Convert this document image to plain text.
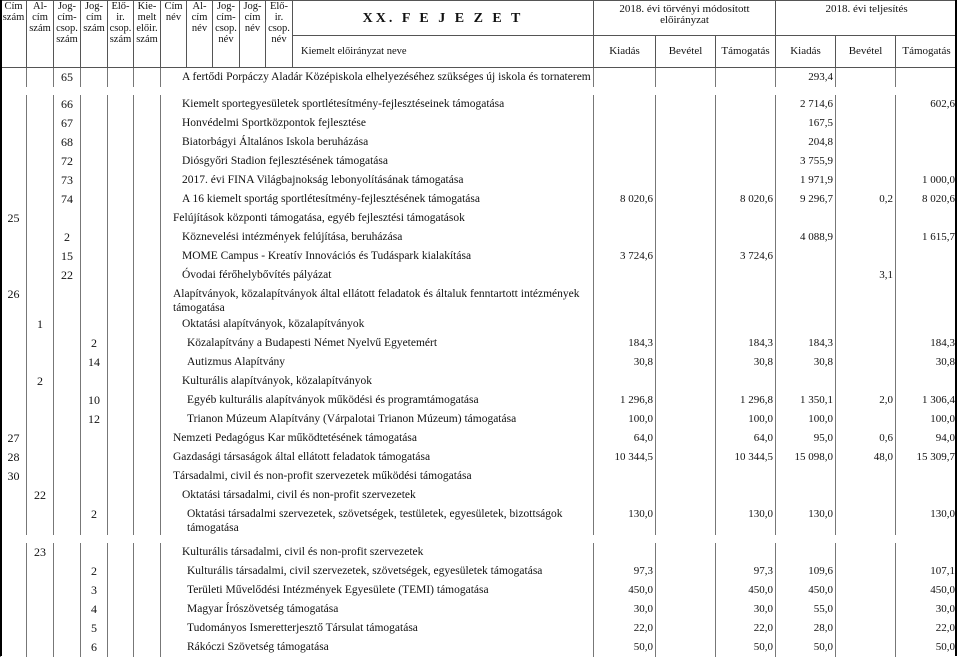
Cím szám	Al-cím szám	Jog-cím-csop. szám	Jog-cím szám	Elő-ir. csop. szám	Kie-melt előir. szám	Cím név	Al-cím név	Jog-cím-csop. név	Jog-cím név	Elő-ir. csop. név	XX. F E J E Z E T	2018. évi törvényi módosított előirányzat			2018. évi teljesítés		
											Kiemelt előirányzat neve	Kiadás	Bevétel	Támogatás	Kiadás	Bevétel	Támogatás
		65				A fertődi Porpáczy Aladár Középiskola elhelyezéséhez szükséges új iskola és tornaterem									293,4		

		66				Kiemelt sportegyesületek sportlétesítmény-fejlesztéseinek támogatása									2 714,6		602,6
		67				Honvédelmi Sportközpontok fejlesztése									167,5		
		68				Biatorbágyi Általános Iskola beruházása									204,8		
		72				Diósgyőri Stadion fejlesztésének támogatása									3 755,9		
		73				2017. évi FINA Világbajnokság lebonyolításának támogatása									1 971,9		1 000,0
		74				A 16 kiemelt sportág sportlétesítmény-fejlesztésének támogatása						8 020,6		8 020,6	9 296,7	0,2	8 020,6
25						Felújítások központi támogatása, egyéb fejlesztési támogatások											
		2				Köznevelési intézmények felújítása, beruházása									4 088,9		1 615,7
		15				MOME Campus - Kreatív Innovációs és Tudáspark kialakítása						3 724,6		3 724,6			
		22				Óvodai férőhelybővítés pályázat										3,1	
26						Alapítványok, közalapítványok által ellátott feladatok és általuk fenntartott intézmények támogatása											
	1					Oktatási alapítványok, közalapítványok											
			2			Közalapítvány a Budapesti Német Nyelvű Egyetemért						184,3		184,3	184,3		184,3
			14			Autizmus Alapítvány						30,8		30,8	30,8		30,8
	2					Kulturális alapítványok, közalapítványok											
			10			Egyéb kulturális alapítványok működési és programtámogatása						1 296,8		1 296,8	1 350,1	2,0	1 306,4
			12			Trianon Múzeum Alapítvány (Várpalotai Trianon Múzeum) támogatása						100,0		100,0	100,0		100,0
27						Nemzeti Pedagógus Kar működtetésének támogatása						64,0		64,0	95,0	0,6	94,0
28						Gazdasági társaságok által ellátott feladatok támogatása						10 344,5		10 344,5	15 098,0	48,0	15 309,7
30						Társadalmi, civil és non-profit szervezetek működési támogatása											
	22					Oktatási társadalmi, civil és non-profit szervezetek											
			2			Oktatási társadalmi szervezetek, szövetségek, testületek, egyesületek, bizottságok támogatása						130,0		130,0	130,0		130,0

	23					Kulturális társadalmi, civil és non-profit szervezetek											
			2			Kulturális társadalmi, civil szervezetek, szövetségek, egyesületek támogatása						97,3		97,3	109,6		107,1
			3			Területi Művelődési Intézmények Egyesülete (TEMI) támogatása						450,0		450,0	450,0		450,0
			4			Magyar Írószövetség támogatása						30,0		30,0	55,0		30,0
			5			Tudományos Ismeretterjesztő Társulat támogatása						22,0		22,0	28,0		22,0
			6			Rákóczi Szövetség támogatása						50,0		50,0	50,0		50,0
